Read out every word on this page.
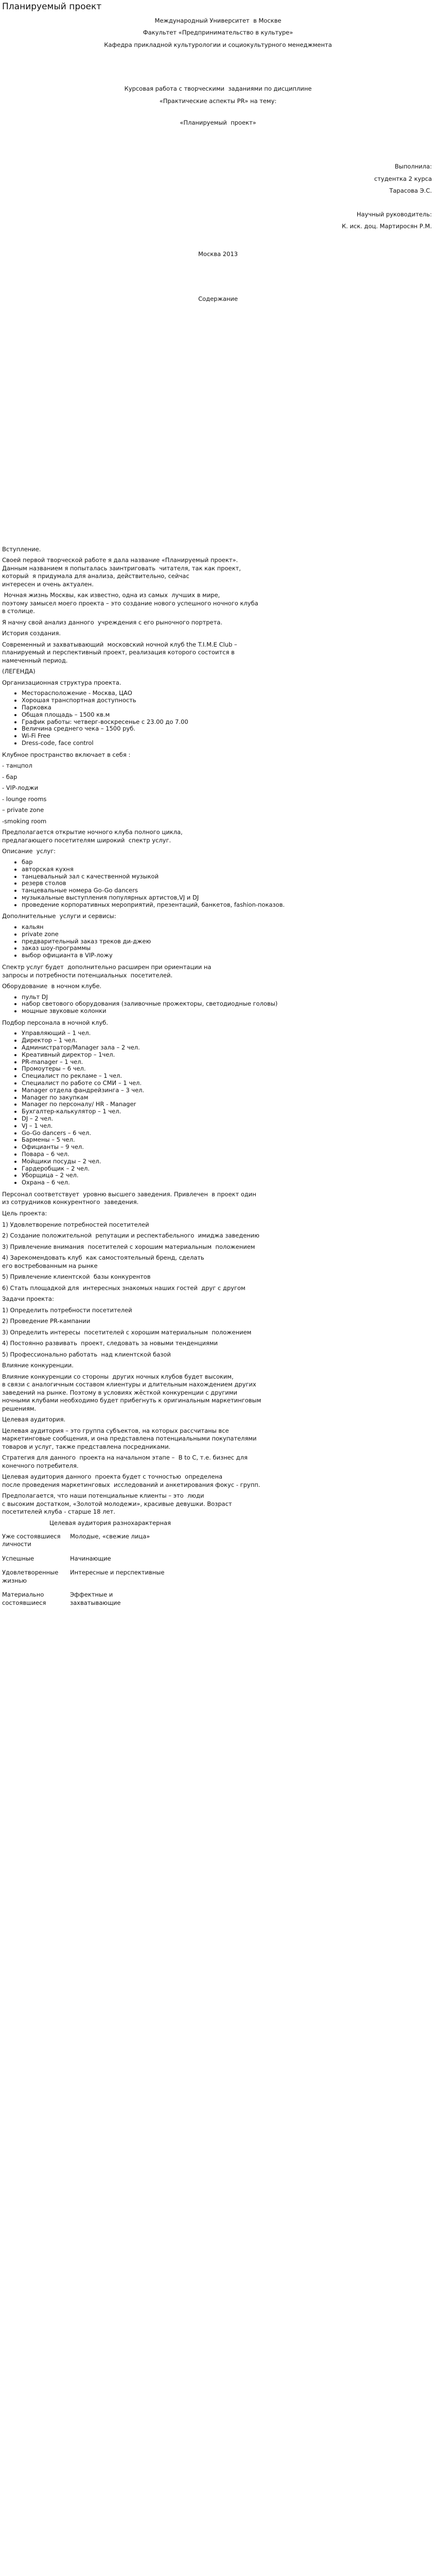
Планируемый проект

Международный Университет  в Москве

Факультет «Предпринимательство в культуре»

Кафедра прикладной культурологии и социокультурного менеджмента

Курсовая работа с творческими  заданиями по дисциплине

«Практические аспекты PR» на тему:

«Планируемый  проект»

Выполнила:

студентка 2 курса

Тарасова Э.С.

Научный руководитель:

К. иск. доц. Мартиросян Р.М.

Москва 2013

Содержание

Вступление.

Своей первой творческой работе я дала название «Планируемый проект».
Данным названием я попыталась заинтриговать  читателя, так как проект,
который  я придумала для анализа, действительно, сейчас
интересен и очень актуален.

Ночная жизнь Москвы, как известно, одна из самых  лучших в мире,
поэтому замысел моего проекта – это создание нового успешного ночного клуба
в столице.

Я начну свой анализ данного  учреждения с его рыночного портрета.

История создания.

Современный и захватывающий  московский ночной клуб the T.I.M.E Club –
планируемый и перспективный проект, реализация которого состоится в
намеченный период.

(ЛЕГЕНДА)

Организационная структура проекта.

• Месторасположение - Москва, ЦАО
• Хорошая транспортная доступность
• Парковка
• Общая площадь – 1500 кв.м
• График работы: четверг-воскресенье с 23.00 до 7.00
• Величина среднего чека – 1500 руб.
• Wi-Fi Free
• Dress-code, face control

Клубное пространство включает в себя :

- танцпол

- бар

- VIP-лоджи

- lounge rooms

– private zone

-smoking room

Предполагается открытие ночного клуба полного цикла,
предлагающего посетителям широкий  спектр услуг.

Описание  услуг:

• бар
• авторская кухня
• танцевальный зал с качественной музыкой
• резерв столов
• танцевальные номера Go-Go dancers
• музыкальные выступления популярных артистов,VJ и DJ
• проведение корпоративных мероприятий, презентаций, банкетов, fashion-показов.

Дополнительные  услуги и сервисы:

• кальян
• private zone
• предварительный заказ треков ди-джею
• заказ шоу-программы
• выбор официанта в VIP-ложу

Спектр услуг будет  дополнительно расширен при ориентации на
запросы и потребности потенциальных  посетителей.

Оборудование  в ночном клубе.

• пульт DJ
• набор светового оборудования (заливочные прожекторы, светодиодные головы)
• мощные звуковые колонки

Подбор персонала в ночной клуб.

• Управляющий – 1 чел.
• Директор – 1 чел.
• Администратор/Manager зала – 2 чел.
• Креативный директор – 1чел.
• PR-manager – 1 чел.
• Промоутеры – 6 чел.
• Специалист по рекламе – 1 чел.
• Специалист по работе со СМИ – 1 чел.
• Manager отдела фандрейзинга – 3 чел.
• Manager по закупкам
• Manager по персоналу/ HR - Manager
• Бухгалтер-калькулятор – 1 чел.
• DJ – 2 чел.
• VJ – 1 чел.
• Go-Go dancers – 6 чел.
• Бармены – 5 чел.
• Официанты – 9 чел.
• Повара – 6 чел.
• Мойщики посуды – 2 чел.
• Гардеробщик – 2 чел.
• Уборщица – 2 чел.
• Охрана – 6 чел.

Персонал соответствует  уровню высшего заведения. Привлечен  в проект один
из сотрудников конкурентного  заведения.

Цель проекта:

1) Удовлетворение потребностей посетителей

2) Создание положительной  репутации и респектабельного  имиджа заведению

3) Привлечение внимания  посетителей с хорошим материальным  положением

4) Зарекомендовать клуб  как самостоятельный бренд, сделать
его востребованным на рынке

5) Привлечение клиентской  базы конкурентов

6) Стать площадкой для  интересных знакомых наших гостей  друг с другом

Задачи проекта:

1) Определить потребности посетителей

2) Проведение PR-кампании

3) Определить интересы  посетителей с хорошим материальным  положением

4) Постоянно развивать  проект, следовать за новыми тенденциями

5) Профессионально работать  над клиентской базой

Влияние конкуренции.

Влияние конкуренции со стороны  других ночных клубов будет высоким,
в связи с аналогичным составом клиентуры и длительным нахождением других
заведений на рынке. Поэтому в условиях жёсткой конкуренции с другими
ночными клубами необходимо будет прибегнуть к оригинальным маркетинговым
решениям.

Целевая аудитория.

Целевая аудитория – это группа субъектов, на которых рассчитаны все
маркетинговые сообщения, и она представлена потенциальными покупателями
товаров и услуг, также представлена посредниками.

Стратегия для данного  проекта на начальном этапе –  B to C, т.е. бизнес для
конечного потребителя.

Целевая аудитория данного  проекта будет с точностью  определена
после проведения маркетинговых  исследований и анкетирования фокус - групп.

Предполагается, что наши потенциальные клиенты – это  люди
с высоким достатком, «Золотой молодежи», красивые девушки. Возраст
посетителей клуба - старше 18 лет.

Целевая аудитория разнохарактерная

Уже состоявшиеся
личности	Молодые, «свежие лица»
Успешные	Начинающие
Удовлетворенные
жизнью	Интересные и перспективные
Материально
состоявшиеся	Эффектные и
захватывающие
